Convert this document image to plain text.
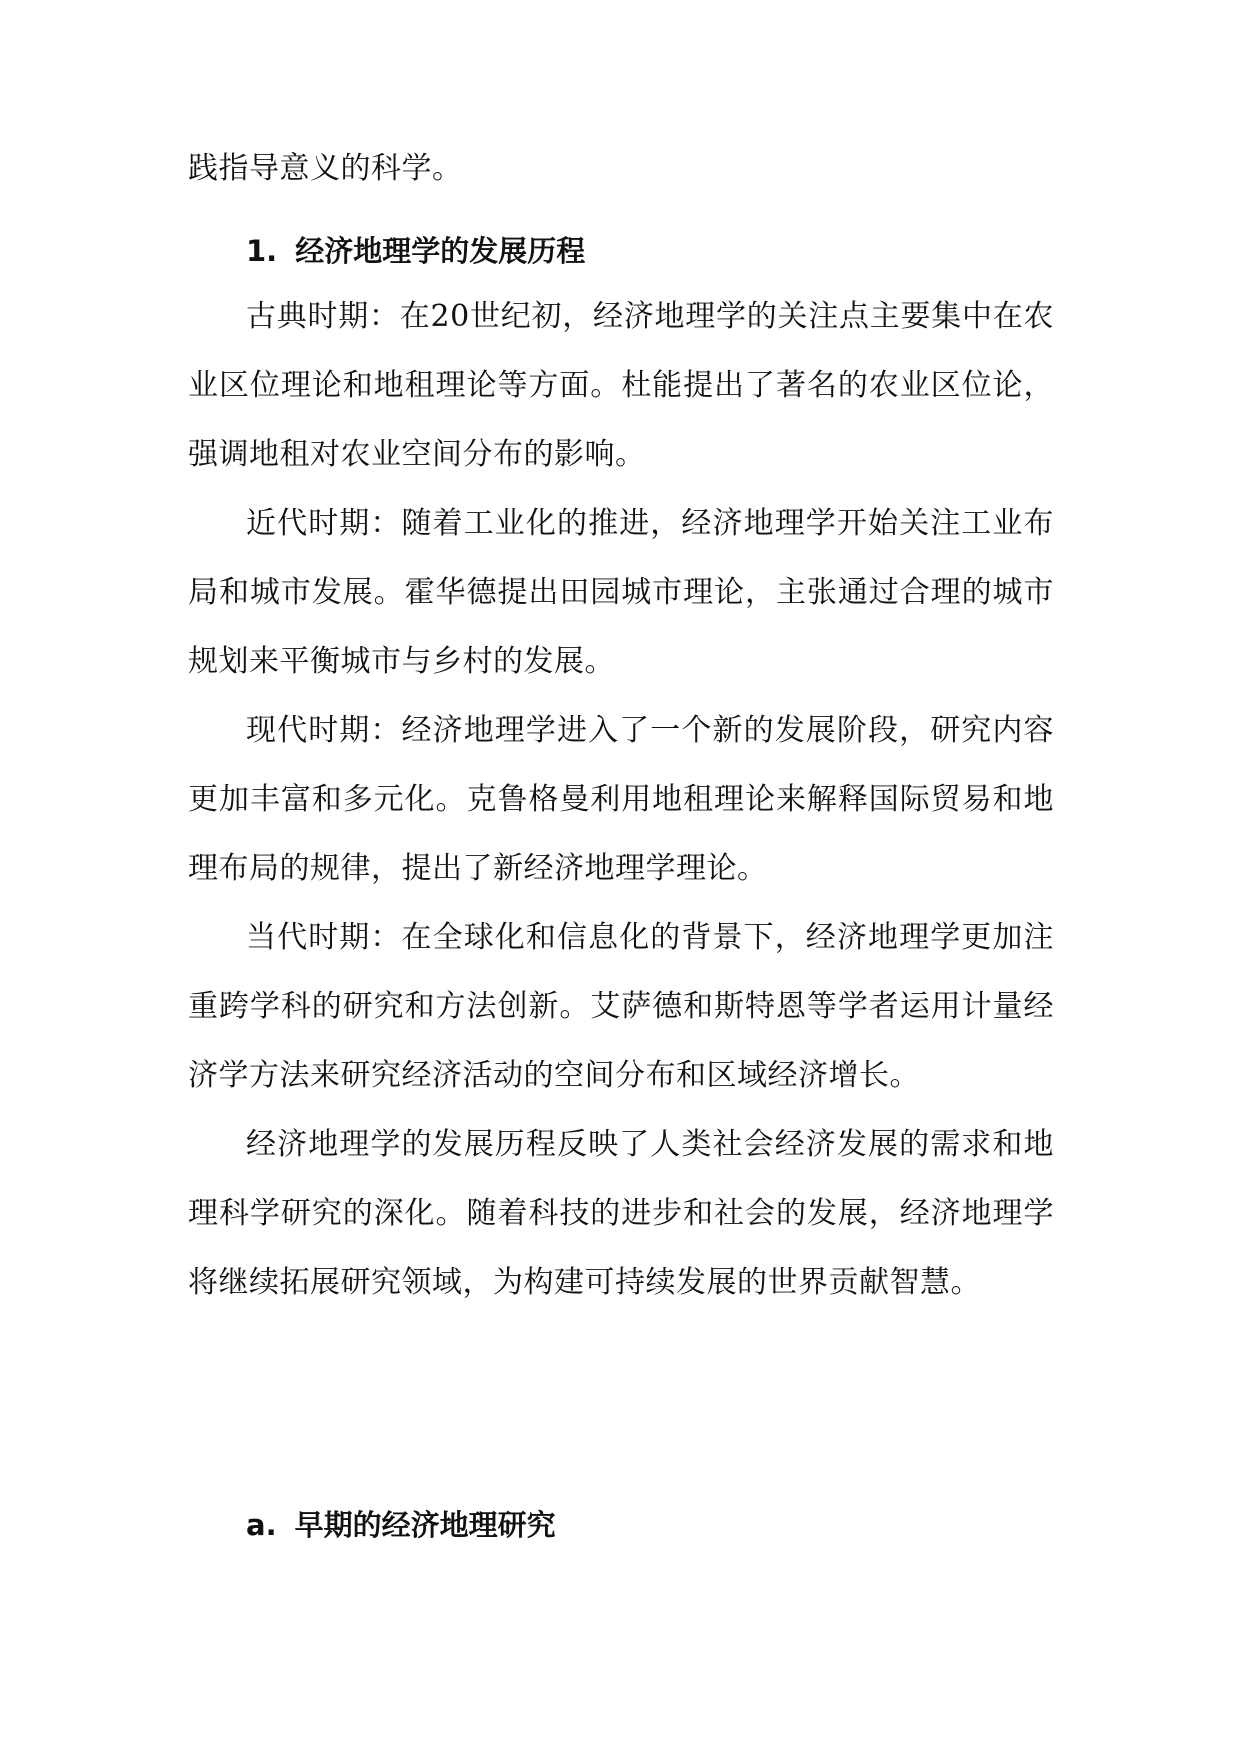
践指导意义的科学。

1. 经济地理学的发展历程

古典时期：在20世纪初，经济地理学的关注点主要集中在农业区位理论和地租理论等方面。杜能提出了著名的农业区位论，强调地租对农业空间分布的影响。

近代时期：随着工业化的推进，经济地理学开始关注工业布局和城市发展。霍华德提出田园城市理论，主张通过合理的城市规划来平衡城市与乡村的发展。

现代时期：经济地理学进入了一个新的发展阶段，研究内容更加丰富和多元化。克鲁格曼利用地租理论来解释国际贸易和地理布局的规律，提出了新经济地理学理论。

当代时期：在全球化和信息化的背景下，经济地理学更加注重跨学科的研究和方法创新。艾萨德和斯特恩等学者运用计量经济学方法来研究经济活动的空间分布和区域经济增长。

经济地理学的发展历程反映了人类社会经济发展的需求和地理科学研究的深化。随着科技的进步和社会的发展，经济地理学将继续拓展研究领域，为构建可持续发展的世界贡献智慧。

a. 早期的经济地理研究
